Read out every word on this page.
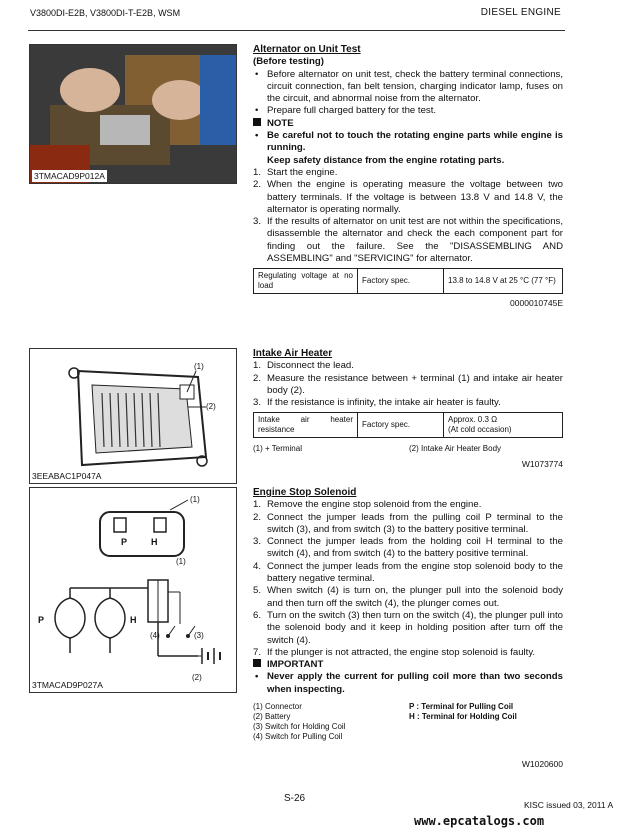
V3800DI-E2B, V3800DI-T-E2B, WSM	DIESEL ENGINE
3TMACAD9P012A
Alternator on Unit Test
(Before testing)
• Before alternator on unit test, check the battery terminal connections, circuit connection, fan belt tension, charging indicator lamp, fuses on the circuit, and abnormal noise from the alternator.
• Prepare full charged battery for the test.
NOTE
• Be careful not to touch the rotating engine parts while engine is running.
Keep safety distance from the engine rotating parts.
1. Start the engine.
2. When the engine is operating measure the voltage between two battery terminals. If the voltage is between 13.8 V and 14.8 V, the alternator is operating normally.
3. If the results of alternator on unit test are not within the specifications, disassemble the alternator and check the each component part for finding out the failure. See the "DISASSEMBLING AND ASSEMBLING" and "SERVICING" for alternator.
Regulating voltage at no load	Factory spec.	13.8 to 14.8 V at 25 °C (77 °F)
0000010745E
(1)
(2)
3EEABAC1P047A
Intake Air Heater
1. Disconnect the lead.
2. Measure the resistance between + terminal (1) and intake air heater body (2).
3. If the resistance is infinity, the intake air heater is faulty.
Intake air heater resistance	Factory spec.	Approx. 0.3 Ω
(At cold occasion)
(1) + Terminal	(2) Intake Air Heater Body
W1073774
P	H
(1)
(1)
P	H
(4)	(3)
(2)
3TMACAD9P027A
Engine Stop Solenoid
1. Remove the engine stop solenoid from the engine.
2. Connect the jumper leads from the pulling coil P terminal to the switch (3), and from switch (3) to the battery positive terminal.
3. Connect the jumper leads from the holding coil H terminal to the switch (4), and from switch (4) to the battery positive terminal.
4. Connect the jumper leads from the engine stop solenoid body to the battery negative terminal.
5. When switch (4) is turn on, the plunger pull into the solenoid body and then turn off the switch (4), the plunger comes out.
6. Turn on the switch (3) then turn on the switch (4), the plunger pull into the solenoid body and it keep in holding position after turn off the switch (4).
7. If the plunger is not attracted, the engine stop solenoid is faulty.
IMPORTANT
• Never apply the current for pulling coil more than two seconds when inspecting.
(1) Connector
(2) Battery
(3) Switch for Holding Coil
(4) Switch for Pulling Coil
P : Terminal for Pulling Coil
H : Terminal for Holding Coil
W1020600
S-26
KISC issued 03, 2011 A
www.epcatalogs.com
